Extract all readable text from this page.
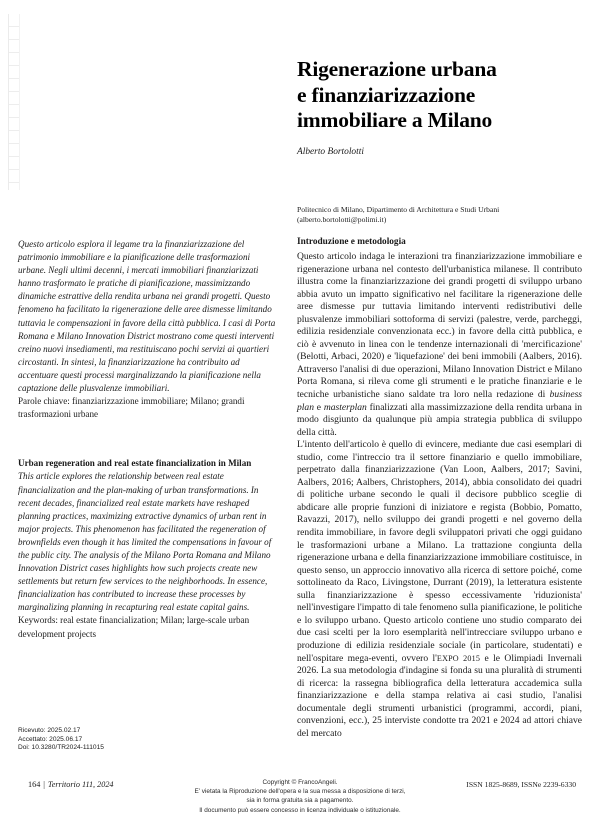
Questo articolo esplora il legame tra la finanziarizzazione del patrimonio immobiliare e la pianificazione delle trasformazioni urbane. Negli ultimi decenni, i mercati immobiliari finanziarizzati hanno trasformato le pratiche di pianificazione, massimizzando dinamiche estrattive della rendita urbana nei grandi progetti. Questo fenomeno ha facilitato la rigenerazione delle aree dismesse limitando tuttavia le compensazioni in favore della città pubblica. I casi di Porta Romana e Milano Innovation District mostrano come questi interventi creino nuovi insediamenti, ma restituiscano pochi servizi ai quartieri circostanti. In sintesi, la finanziarizzazione ha contribuito ad accentuare questi processi marginalizzando la pianificazione nella captazione delle plusvalenze immobiliari.

Parole chiave: finanziarizzazione immobiliare; Milano; grandi trasformazioni urbane

Urban regeneration and real estate financialization in Milan

This article explores the relationship between real estate financialization and the plan-making of urban transformations. In recent decades, financialized real estate markets have reshaped planning practices, maximizing extractive dynamics of urban rent in major projects. This phenomenon has facilitated the regeneration of brownfields even though it has limited the compensations in favour of the public city. The analysis of the Milano Porta Romana and Milano Innovation District cases highlights how such projects create new settlements but return few services to the neighborhoods. In essence, financialization has contributed to increase these processes by marginalizing planning in recapturing real estate capital gains.

Keywords: real estate financialization; Milan; large-scale urban development projects

Ricevuto: 2025.02.17
Accettato: 2025.06.17
Doi: 10.3280/TR2024-111015
Rigenerazione urbana
e finanziarizzazione
immobiliare a Milano

Alberto Bortolotti

Politecnico di Milano, Dipartimento di Architettura e Studi Urbani
(alberto.bortolotti@polimi.it)
Introduzione e metodologia

Questo articolo indaga le interazioni tra finanziarizzazione immobiliare e rigenerazione urbana nel contesto dell'urbanistica milanese. Il contributo illustra come la finanziarizzazione dei grandi progetti di sviluppo urbano abbia avuto un impatto significativo nel facilitare la rigenerazione delle aree dismesse pur tuttavia limitando interventi redistributivi delle plusvalenze immobiliari sottoforma di servizi (palestre, verde, parcheggi, edilizia residenziale convenzionata ecc.) in favore della città pubblica, e ciò è avvenuto in linea con le tendenze internazionali di 'mercificazione' (Belotti, Arbaci, 2020) e 'liquefazione' dei beni immobili (Aalbers, 2016). Attraverso l'analisi di due operazioni, Milano Innovation District e Milano Porta Romana, si rileva come gli strumenti e le pratiche finanziarie e le tecniche urbanistiche siano saldate tra loro nella redazione di business plan e masterplan finalizzati alla massimizzazione della rendita urbana in modo disgiunto da qualunque più ampia strategia pubblica di sviluppo della città.

L'intento dell'articolo è quello di evincere, mediante due casi esemplari di studio, come l'intreccio tra il settore finanziario e quello immobiliare, perpetrato dalla finanziarizzazione (Van Loon, Aalbers, 2017; Savini, Aalbers, 2016; Aalbers, Christophers, 2014), abbia consolidato dei quadri di politiche urbane secondo le quali il decisore pubblico sceglie di abdicare alle proprie funzioni di iniziatore e regista (Bobbio, Pomatto, Ravazzi, 2017), nello sviluppo dei grandi progetti e nel governo della rendita immobiliare, in favore degli sviluppatori privati che oggi guidano le trasformazioni urbane a Milano. La trattazione congiunta della rigenerazione urbana e della finanziarizzazione immobiliare costituisce, in questo senso, un approccio innovativo alla ricerca di settore poiché, come sottolineato da Raco, Livingstone, Durrant (2019), la letteratura esistente sulla finanziarizzazione è spesso eccessivamente 'riduzionista' nell'investigare l'impatto di tale fenomeno sulla pianificazione, le politiche e lo sviluppo urbano. Questo articolo contiene uno studio comparato dei due casi scelti per la loro esemplarità nell'intrecciare sviluppo urbano e produzione di edilizia residenziale sociale (in particolare, studentati) e nell'ospitare mega-eventi, ovvero l'EXPO 2015 e le Olimpiadi Invernali 2026. La sua metodologia d'indagine si fonda su una pluralità di strumenti di ricerca: la rassegna bibliografica della letteratura accademica sulla finanziarizzazione e della stampa relativa ai casi studio, l'analisi documentale degli strumenti urbanistici (programmi, accordi, piani, convenzioni, ecc.), 25 interviste condotte tra 2021 e 2024 ad attori chiave del mercato

164 | Territorio 111, 2024	Copyright © FrancoAngeli.
E' vietata la Riproduzione dell'opera e la sua messa a disposizione di terzi,
sia in forma gratuita sia a pagamento.
Il documento può essere concesso in licenza individuale o istituzionale.
ISSN 1825-8689, ISSNe 2239-6330
